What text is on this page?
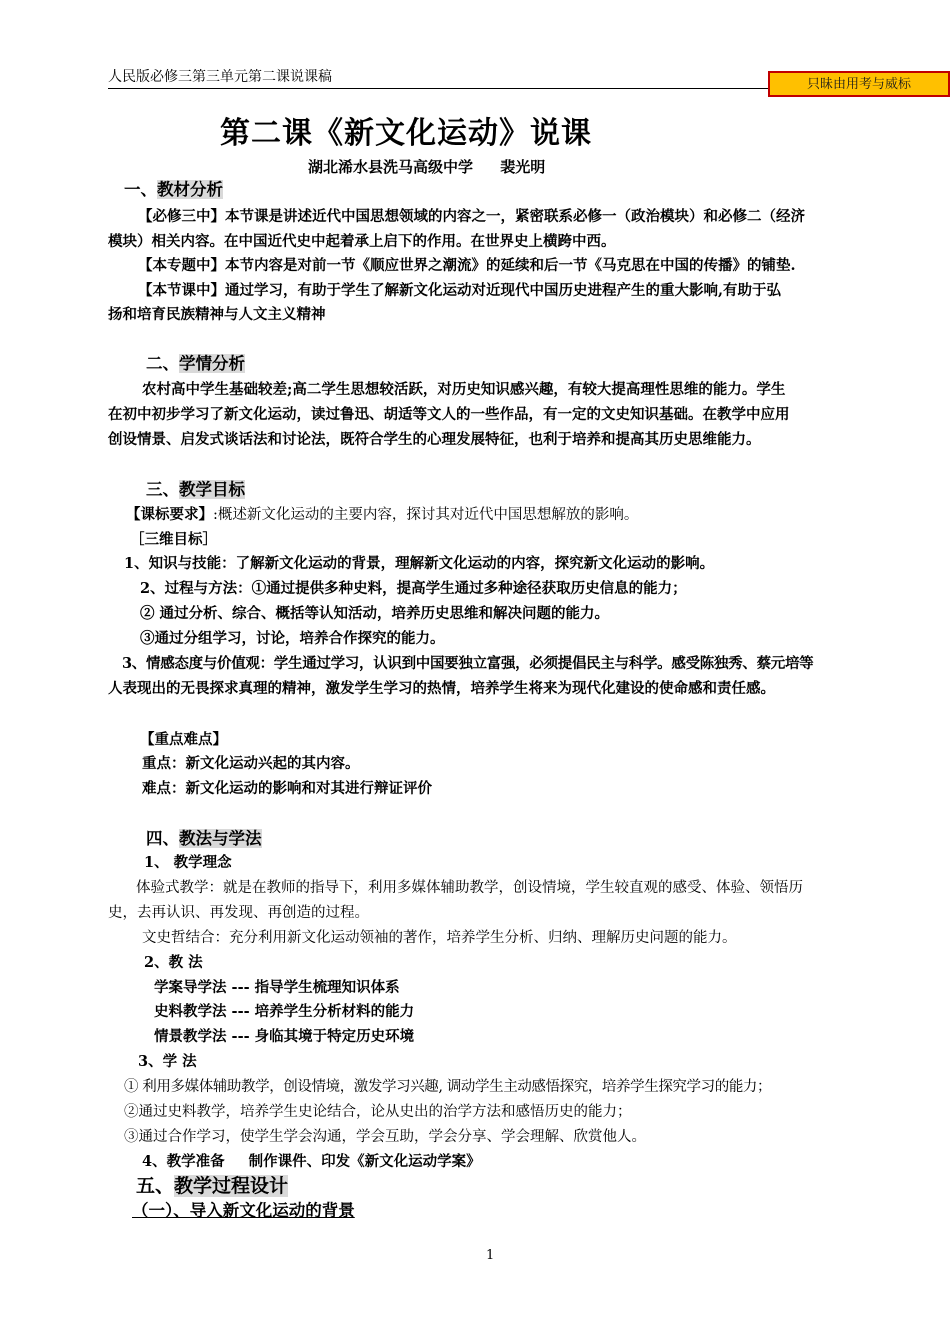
人民版必修三第三单元第二课说课稿	只昧由用考与威标
第二课《新文化运动》说课
湖北浠水县洗马高级中学 裴光明
一、教材分析
【必修三中】本节课是讲述近代中国思想领域的内容之一，紧密联系必修一（政治模块）和必修二（经济
模块）相关内容。在中国近代史中起着承上启下的作用。在世界史上横跨中西。
【本专题中】本节内容是对前一节《顺应世界之潮流》的延续和后一节《马克思在中国的传播》的铺垫.
【本节课中】通过学习，有助于学生了解新文化运动对近现代中国历史进程产生的重大影响,有助于弘
扬和培育民族精神与人文主义精神
二、学情分析
农村高中学生基础较差;高二学生思想较活跃，对历史知识感兴趣，有较大提高理性思维的能力。学生
在初中初步学习了新文化运动，读过鲁迅、胡适等文人的一些作品，有一定的文史知识基础。在教学中应用
创设情景、启发式谈话法和讨论法，既符合学生的心理发展特征，也利于培养和提高其历史思维能力。
三、教学目标
【课标要求】:概述新文化运动的主要内容，探讨其对近代中国思想解放的影响。
［三维目标］
1、知识与技能：了解新文化运动的背景，理解新文化运动的内容，探究新文化运动的影响。
2、过程与方法：①通过提供多种史料，提高学生通过多种途径获取历史信息的能力；
② 通过分析、综合、概括等认知活动，培养历史思维和解决问题的能力。
③通过分组学习，讨论，培养合作探究的能力。
3、情感态度与价值观：学生通过学习，认识到中国要独立富强，必须提倡民主与科学。感受陈独秀、蔡元培等
人表现出的无畏探求真理的精神，激发学生学习的热情，培养学生将来为现代化建设的使命感和责任感。
【重点难点】
重点：新文化运动兴起的其内容。
难点：新文化运动的影响和对其进行辩证评价
四、教法与学法
1、 教学理念
体验式教学：就是在教师的指导下，利用多媒体辅助教学，创设情境，学生较直观的感受、体验、领悟历
史，去再认识、再发现、再创造的过程。
文史哲结合：充分利用新文化运动领袖的著作，培养学生分析、归纳、理解历史问题的能力。
2、教 法
学案导学法 --- 指导学生梳理知识体系
史料教学法 --- 培养学生分析材料的能力
情景教学法 --- 身临其境于特定历史环境
3、学 法
① 利用多媒体辅助教学，创设情境，激发学习兴趣, 调动学生主动感悟探究，培养学生探究学习的能力；
②通过史料教学，培养学生史论结合，论从史出的治学方法和感悟历史的能力；
③通过合作学习，使学生学会沟通，学会互助，学会分享、学会理解、欣赏他人。
4、教学准备 制作课件、印发《新文化运动学案》
五、教学过程设计
（一）、导入新文化运动的背景
1
